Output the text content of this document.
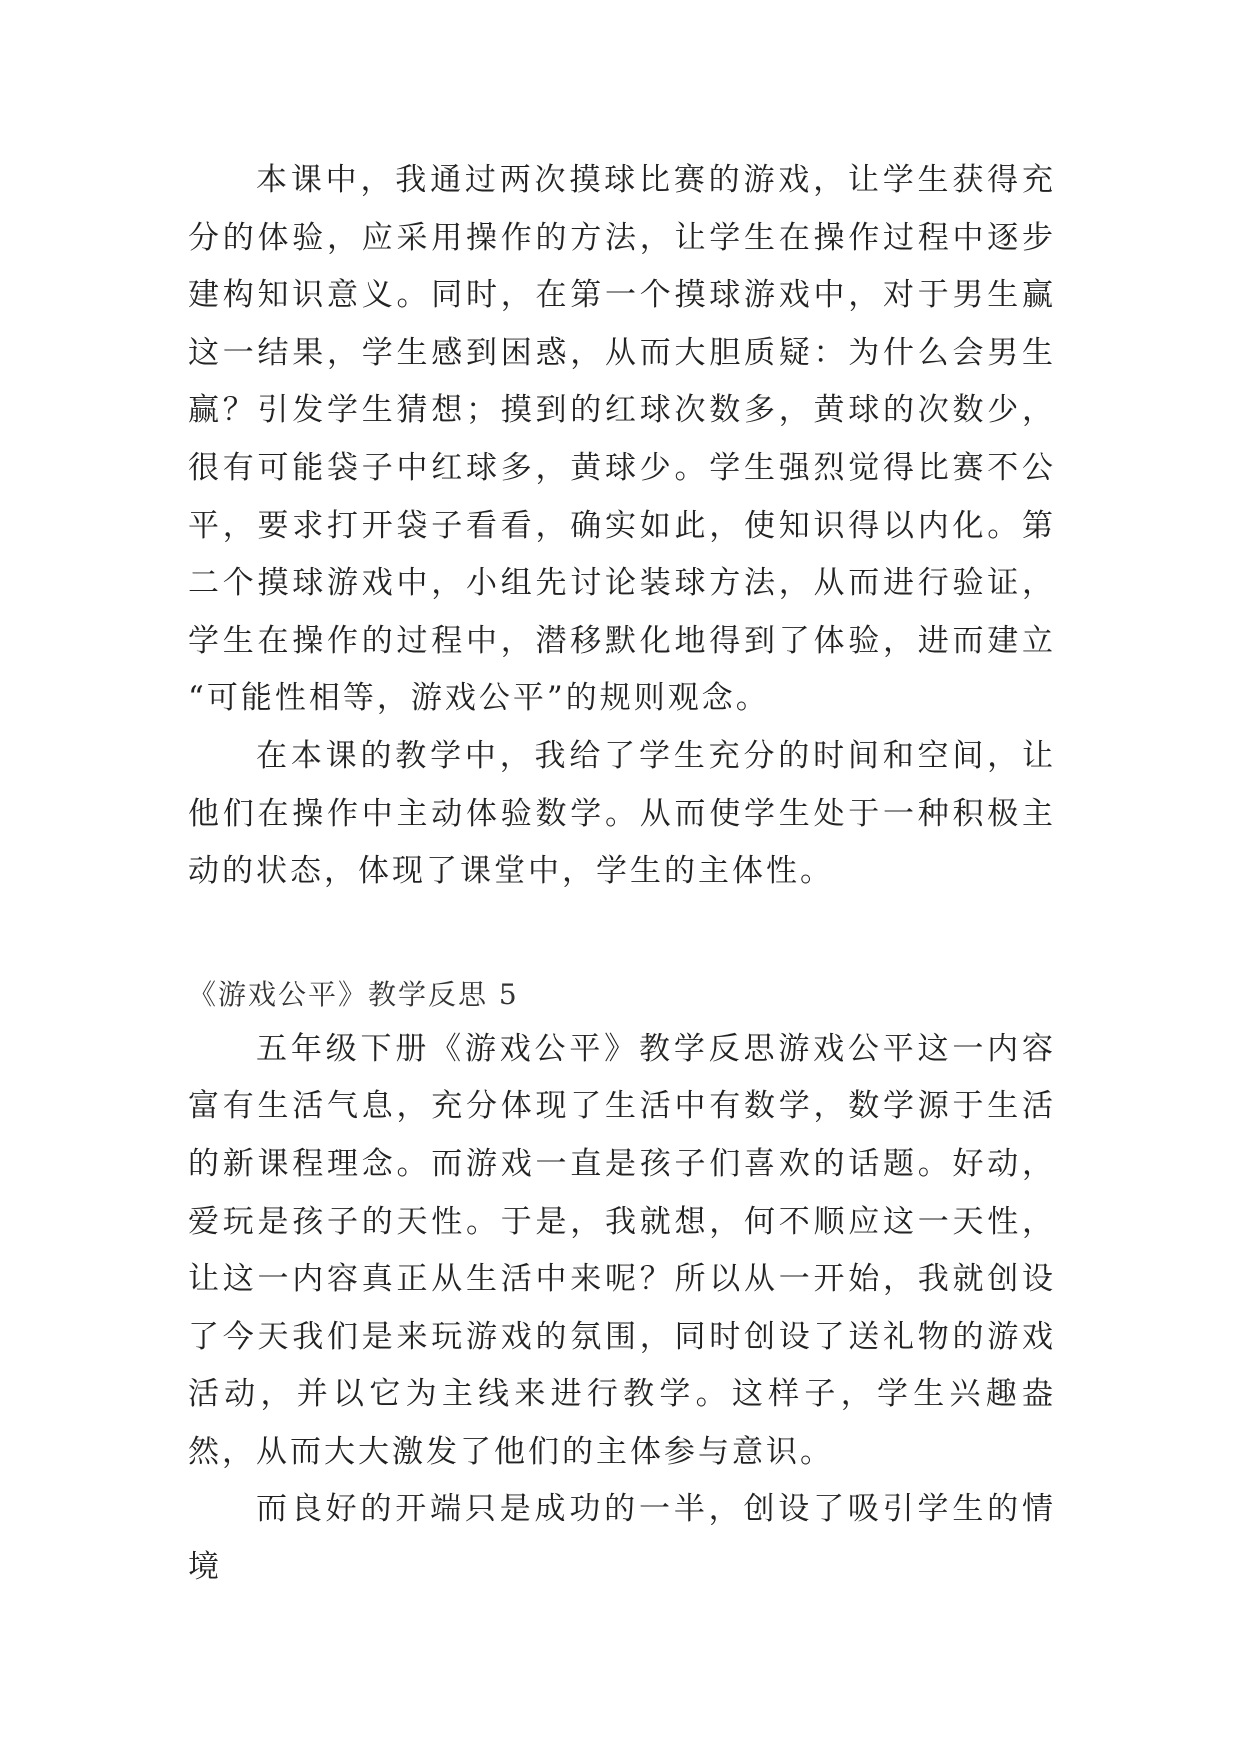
本课中，我通过两次摸球比赛的游戏，让学生获得充分的体验，应采用操作的方法，让学生在操作过程中逐步建构知识意义。同时，在第一个摸球游戏中，对于男生赢这一结果，学生感到困惑，从而大胆质疑：为什么会男生赢？引发学生猜想；摸到的红球次数多，黄球的次数少，很有可能袋子中红球多，黄球少。学生强烈觉得比赛不公平，要求打开袋子看看，确实如此，使知识得以内化。第二个摸球游戏中，小组先讨论装球方法，从而进行验证，学生在操作的过程中，潜移默化地得到了体验，进而建立 “可能性相等，游戏公平”的规则观念。

在本课的教学中，我给了学生充分的时间和空间，让他们在操作中主动体验数学。从而使学生处于一种积极主动的状态，体现了课堂中，学生的主体性。

《游戏公平》教学反思 5

五年级下册《游戏公平》教学反思游戏公平这一内容富有生活气息，充分体现了生活中有数学，数学源于生活的新课程理念。而游戏一直是孩子们喜欢的话题。好动，爱玩是孩子的天性。于是，我就想，何不顺应这一天性，让这一内容真正从生活中来呢？所以从一开始，我就创设了今天我们是来玩游戏的氛围，同时创设了送礼物的游戏活动，并以它为主线来进行教学。这样子，学生兴趣盎然，从而大大激发了他们的主体参与意识。

而良好的开端只是成功的一半，创设了吸引学生的情境
